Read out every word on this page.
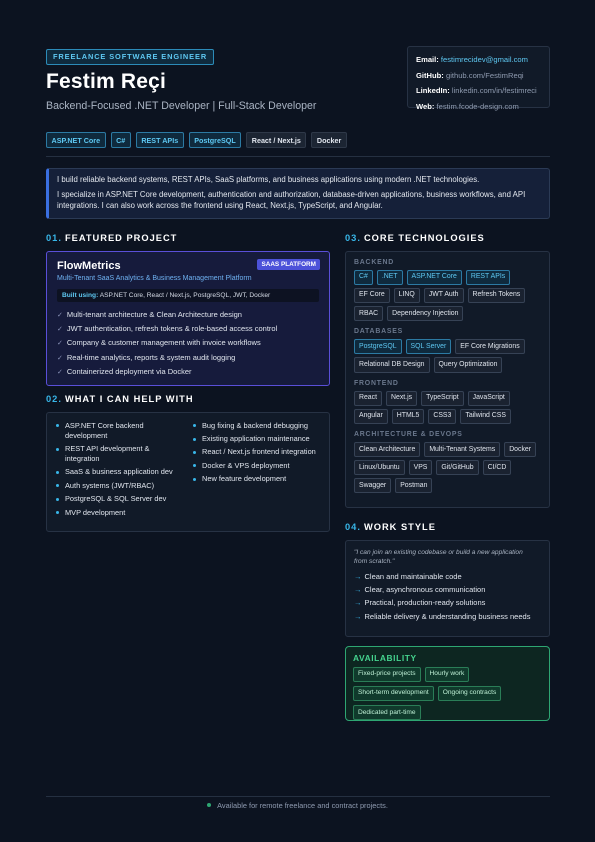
FREELANCE SOFTWARE ENGINEER
Festim Reçi
Backend-Focused .NET Developer | Full-Stack Developer
Email: festimrecidev@gmail.com
GitHub: github.com/FestimReqi
LinkedIn: linkedin.com/in/festimreci
Web: festim.fcode-design.com
ASP.NET Core	C#	REST APIs	PostgreSQL	React / Next.js	Docker

I build reliable backend systems, REST APIs, SaaS platforms, and business applications using modern .NET technologies.

I specialize in ASP.NET Core development, authentication and authorization, database-driven applications, business workflows, and API integrations. I can also work across the frontend using React, Next.js, TypeScript, and Angular.

01. FEATURED PROJECT
FlowMetrics	SAAS PLATFORM
Multi-Tenant SaaS Analytics & Business Management Platform
Built using: ASP.NET Core, React / Next.js, PostgreSQL, JWT, Docker
✓ Multi-tenant architecture & Clean Architecture design
✓ JWT authentication, refresh tokens & role-based access control
✓ Company & customer management with invoice workflows
✓ Real-time analytics, reports & system audit logging
✓ Containerized deployment via Docker
02. WHAT I CAN HELP WITH
ASP.NET Core backend development
REST API development & integration
SaaS & business application dev
Auth systems (JWT/RBAC)
PostgreSQL & SQL Server dev
MVP development
Bug fixing & backend debugging
Existing application maintenance
React / Next.js frontend integration
Docker & VPS deployment
New feature development
03. CORE TECHNOLOGIES
BACKEND
C#	.NET	ASP.NET Core	REST APIs
EF Core	LINQ	JWT Auth	Refresh Tokens
RBAC	Dependency Injection
DATABASES
PostgreSQL	SQL Server	EF Core Migrations
Relational DB Design	Query Optimization
FRONTEND
React	Next.js	TypeScript	JavaScript
Angular	HTML5	CSS3	Tailwind CSS
ARCHITECTURE & DEVOPS
Clean Architecture	Multi-Tenant Systems	Docker
Linux/Ubuntu	VPS	Git/GitHub	CI/CD
Swagger	Postman
04. WORK STYLE
"I can join an existing codebase or build a new application from scratch."
→ Clean and maintainable code
→ Clear, asynchronous communication
→ Practical, production-ready solutions
→ Reliable delivery & understanding business needs
AVAILABILITY
Fixed-price projects	Hourly work
Short-term development	Ongoing contracts
Dedicated part-time
Available for remote freelance and contract projects.
